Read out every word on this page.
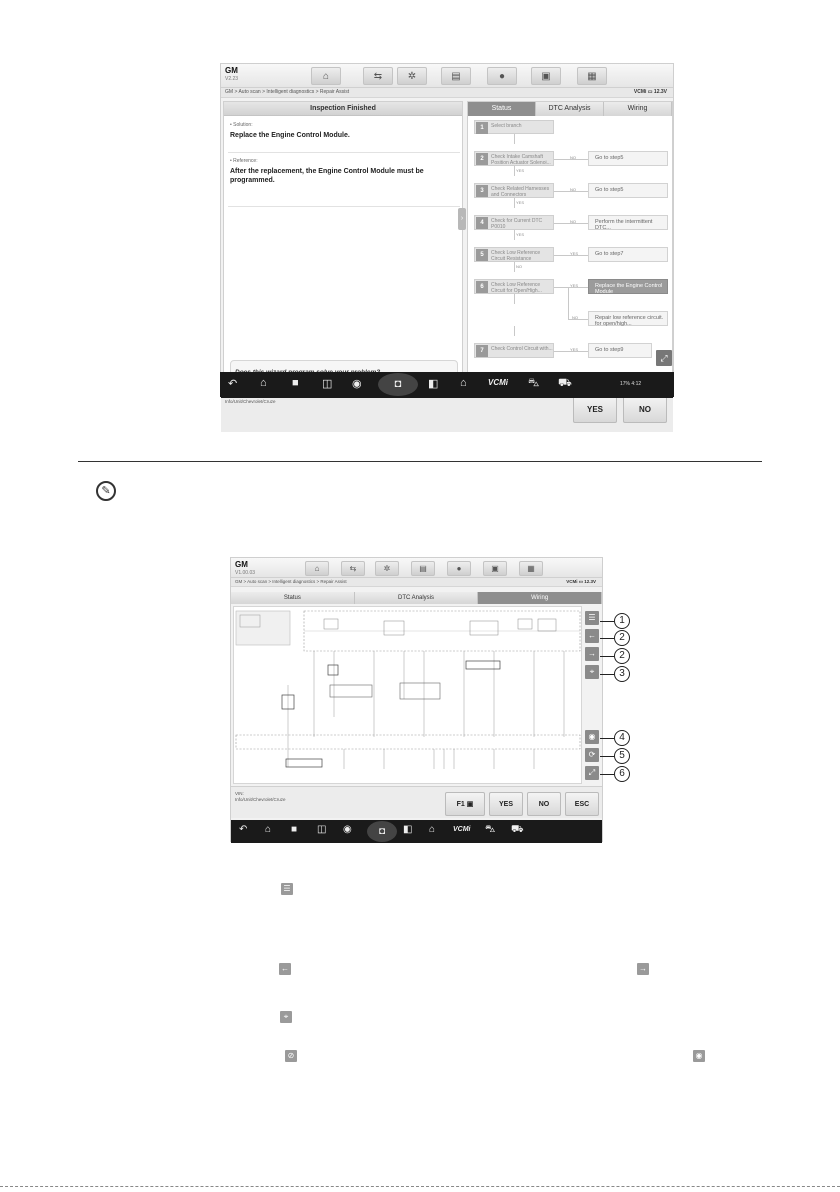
GM
V2.23	⌂	⇆	✲	▤	●	▣	▦
GM > Auto scan > Intelligent diagnostics > Repair Assist	VCMi ▭ 12.3V
Inspection Finished
• Solution:
Replace the Engine Control Module.
• Reference:
After the replacement, the Engine Control Module must be programmed.
›
Status	DTC Analysis	Wiring
NO
YES
NO
YES
NO
YES
YES
NO
YES
NO
YES
1	Select branch
2	Check Intake Camshaft Position Actuator Solenoi...
3	Check Related Harnesses and Connectors
4	Check for Current DTC P0010
5	Check Low Reference Circuit Resistance
6	Check Low Reference Circuit for Open/High...
7	Check Control Circuit with...
Go to step5
Go to step5
Perform the intermittent DTC...
Go to step7
Replace the Engine Control Module
Repair low reference circuit. for open/high...
Go to step9
⤢

Info/Unit/Chevrolet/Cruze
YES	NO
↶ ⌂ ■ ◫ ◉	◘	◧ ⌂	VCMi ⛍ ⛟	17% 4:12
✎
GM
V1.00.03	⌂	⇆	✲	▤	●	▣	▦
GM > Auto scan > Intelligent diagnostics > Repair Assist	VCMi ▭ 12.3V
Status	DTC Analysis	Wiring
☰
←
→
⌖
◉
⟳
⤢
VIN:
Info/Unit/Chevrolet/Cruze
F1 ▣	YES	NO	ESC
↶ ⌂ ■ ◫ ◉	◘	◧ ⌂	VCMi ⛍ ⛟
1
2
2
3
4
5
6
☰
←	→
⌖
⊘	◉
